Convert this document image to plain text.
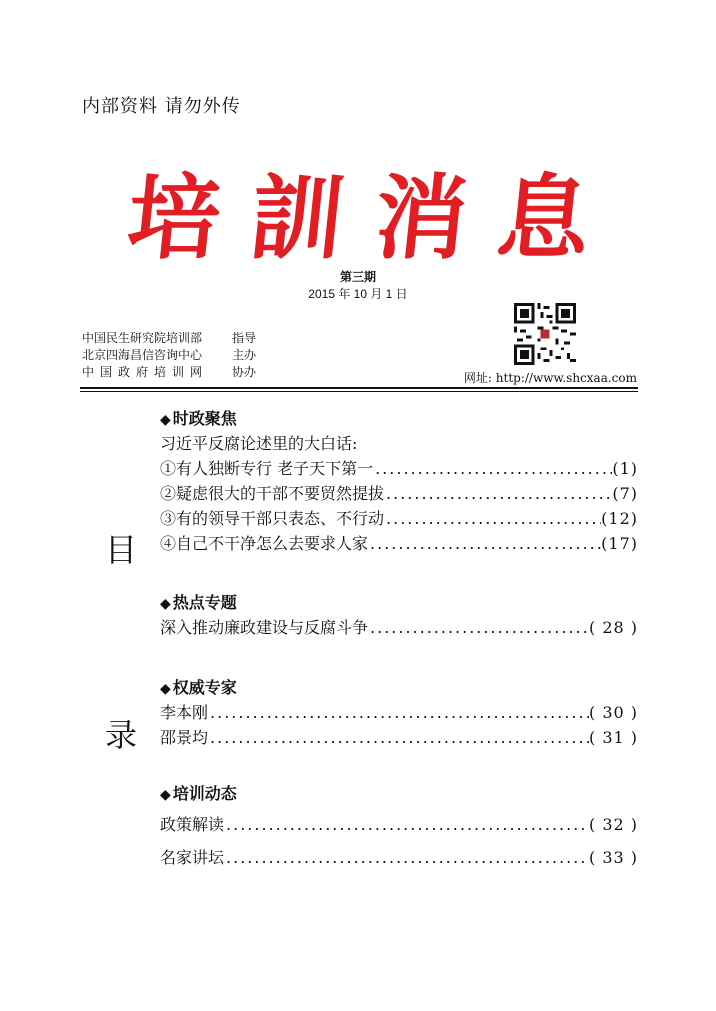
内部资料 请勿外传
培 訓 消 息
第三期
2015 年 10 月 1 日
中国民生研究院培训部	指导
北京四海昌信咨询中心	主办
中国政府培训网	协办	网址: http://www.shcxaa.com
目
录
◆ 时政聚焦
习近平反腐论述里的大白话:
①有人独断专行 老子天下第一 .....	(1)
②疑虑很大的干部不要贸然提拔 .....	(7)
③有的领导干部只表态、不行动 .....	(12)
④自己不干净怎么去要求人家 .....	(17)
◆ 热点专题
深入推动廉政建设与反腐斗争 .....	( 28 )
◆ 权威专家
李本刚 .....	( 30 )
邵景均 .....	( 31 )
◆ 培训动态
政策解读 .....	( 32 )
名家讲坛 .....	( 33 )
